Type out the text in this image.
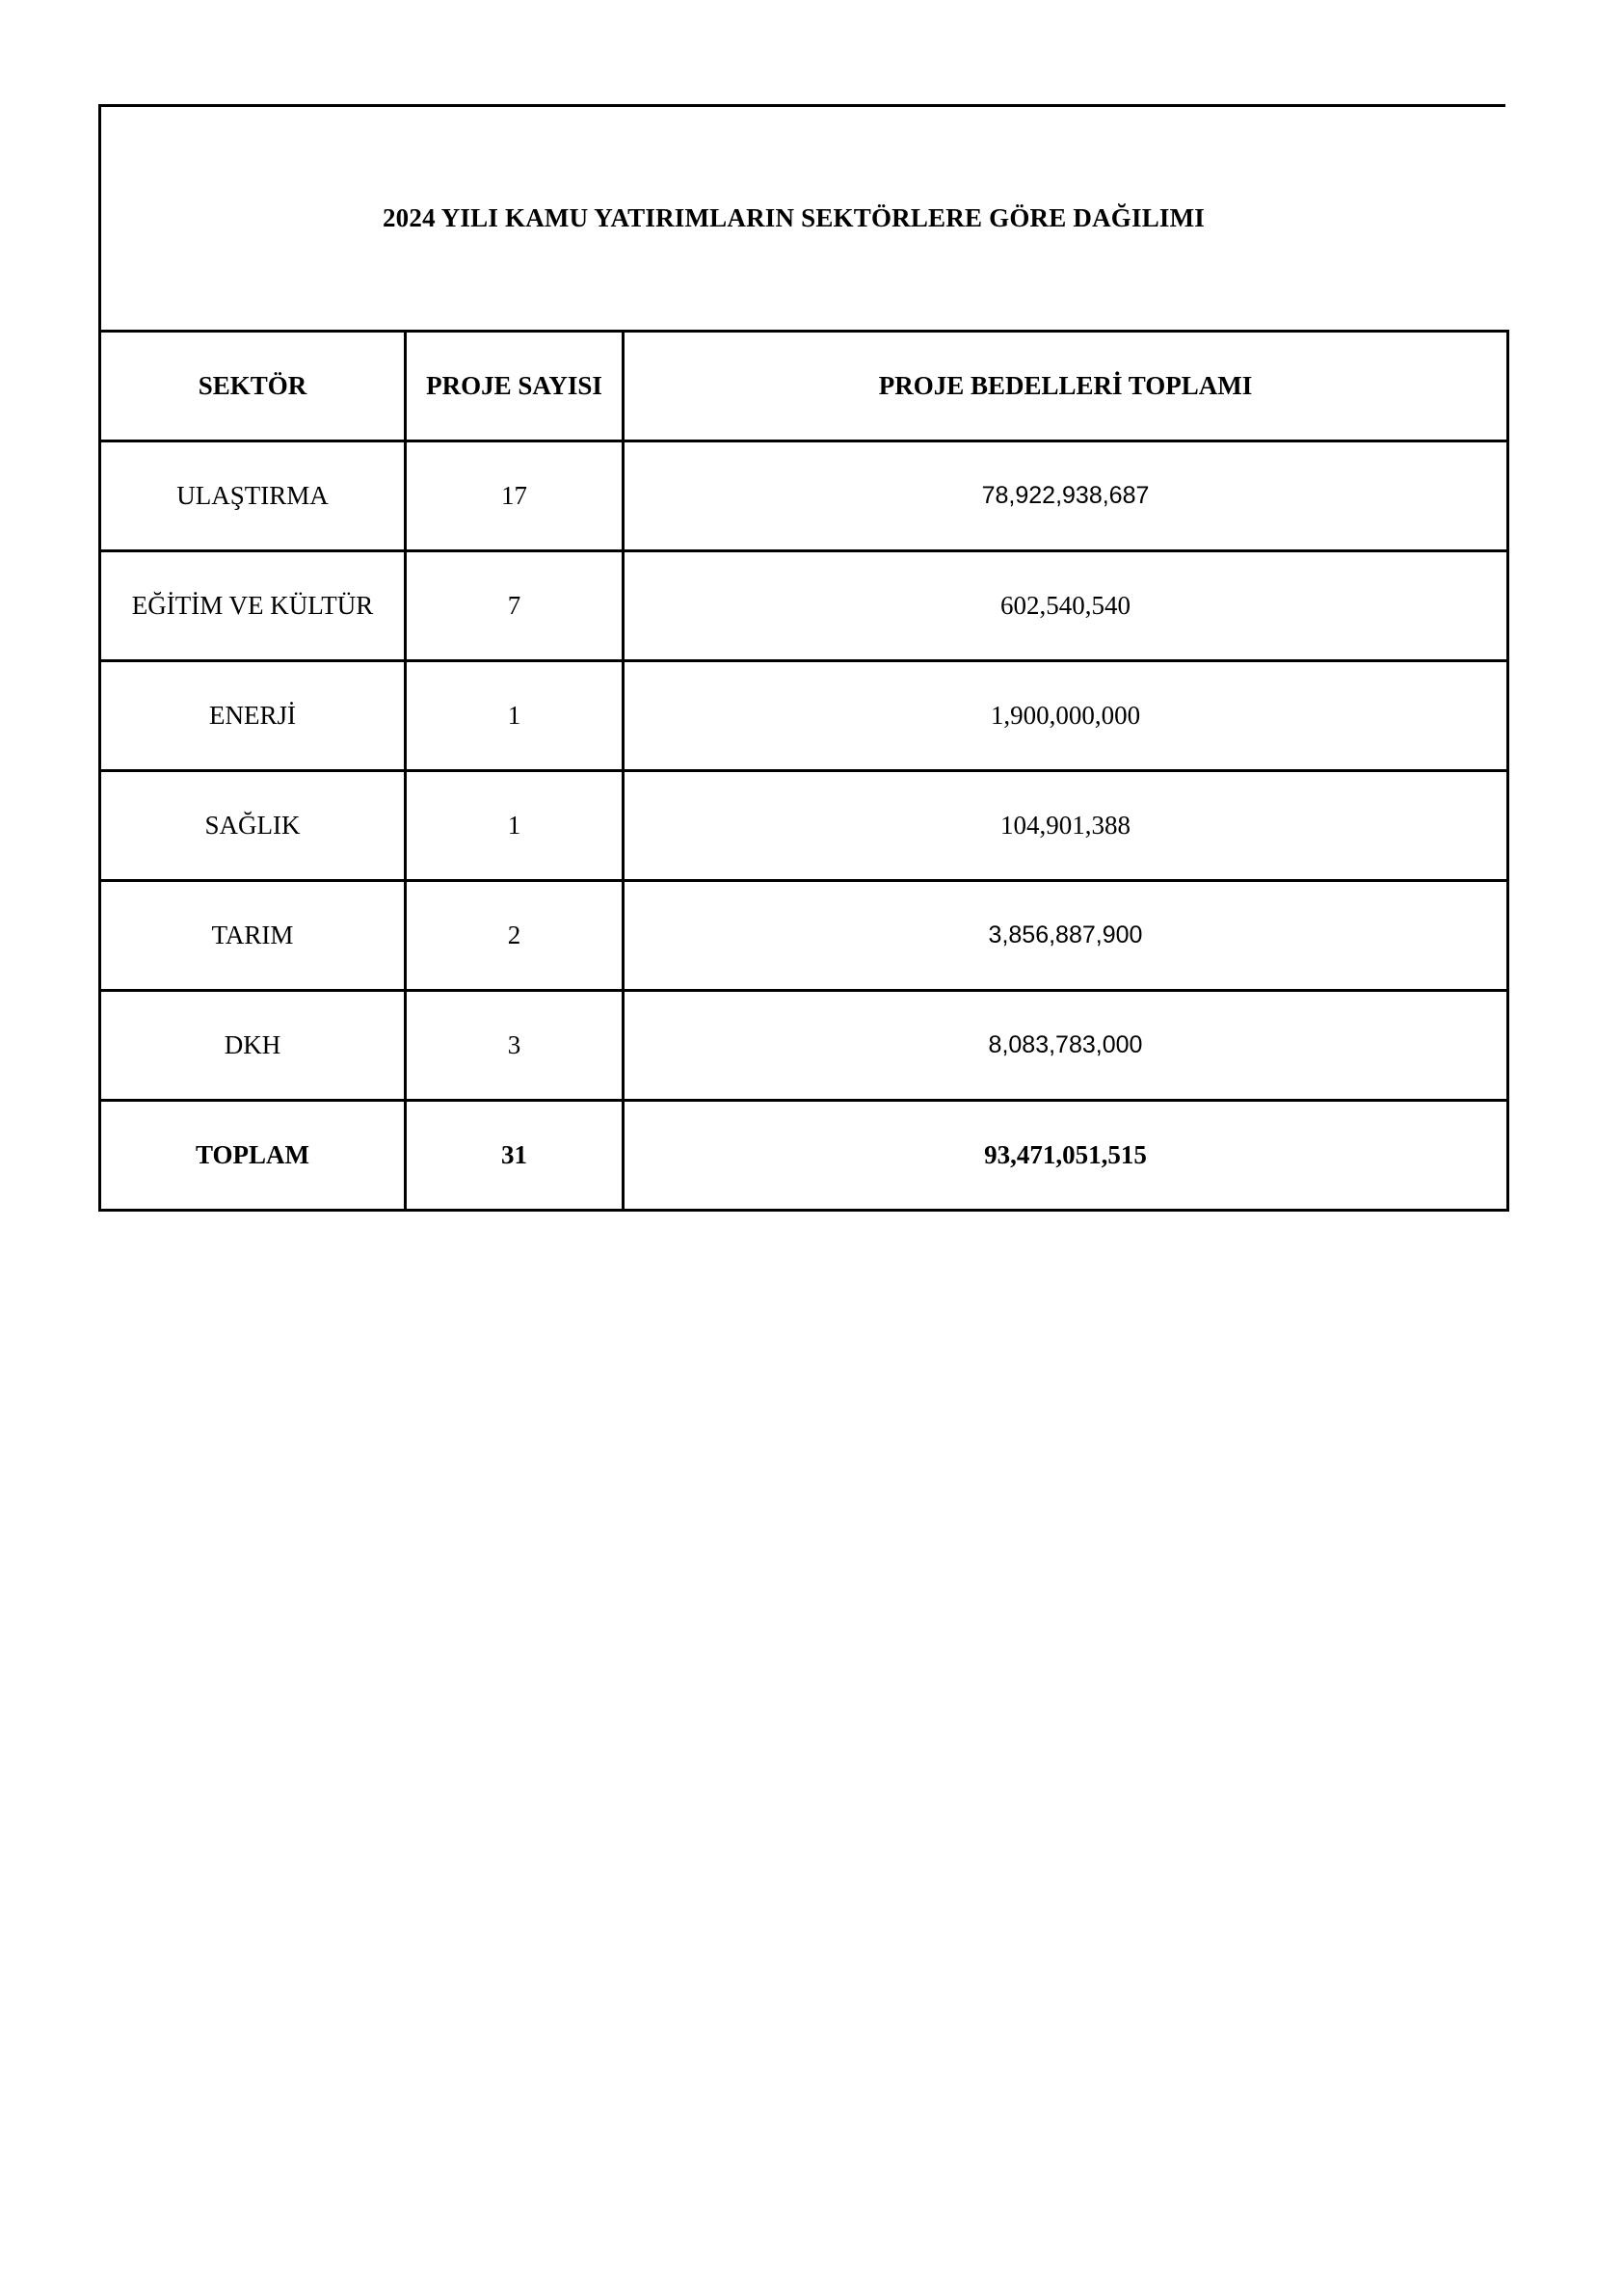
2024 YILI KAMU YATIRIMLARIN SEKTÖRLERE GÖRE DAĞILIMI
SEKTÖR	PROJE SAYISI	PROJE BEDELLERİ TOPLAMI
ULAŞTIRMA	17	78,922,938,687
EĞİTİM VE KÜLTÜR	7	602,540,540
ENERJİ	1	1,900,000,000
SAĞLIK	1	104,901,388
TARIM	2	3,856,887,900
DKH	3	8,083,783,000
TOPLAM	31	93,471,051,515
